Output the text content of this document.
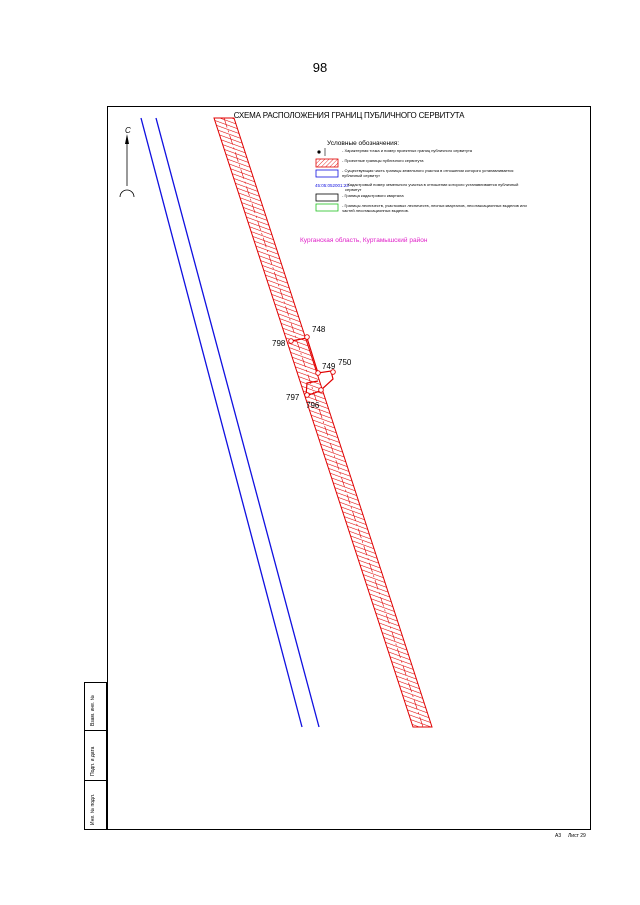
98
СХЕМА РАСПОЛОЖЕНИЯ ГРАНИЦ ПУБЛИЧНОГО СЕРВИТУТА
С
Условные обозначения:
- Характерная точка и номер проектных границ публичного сервитута
- Проектные границы публичного сервитута
- Существующая часть границы земельного участка в отношении которого устанавливается публичный сервитут
45:05:052001:23
- Кадастровый номер земельного участка в отношении которого устанавливается публичный сервитут
- Граница кадастрового квартала
- Границы лесничеств, участковых лесничеств, лесных кварталов, лесотаксационных выделов или частей лесотаксационных выделов.
Курганская область, Куртамышский район
748
798
749 750
797
796
Взам. инв. №
Подп. и дата
Инв. № подл.
А3 Лист 29
